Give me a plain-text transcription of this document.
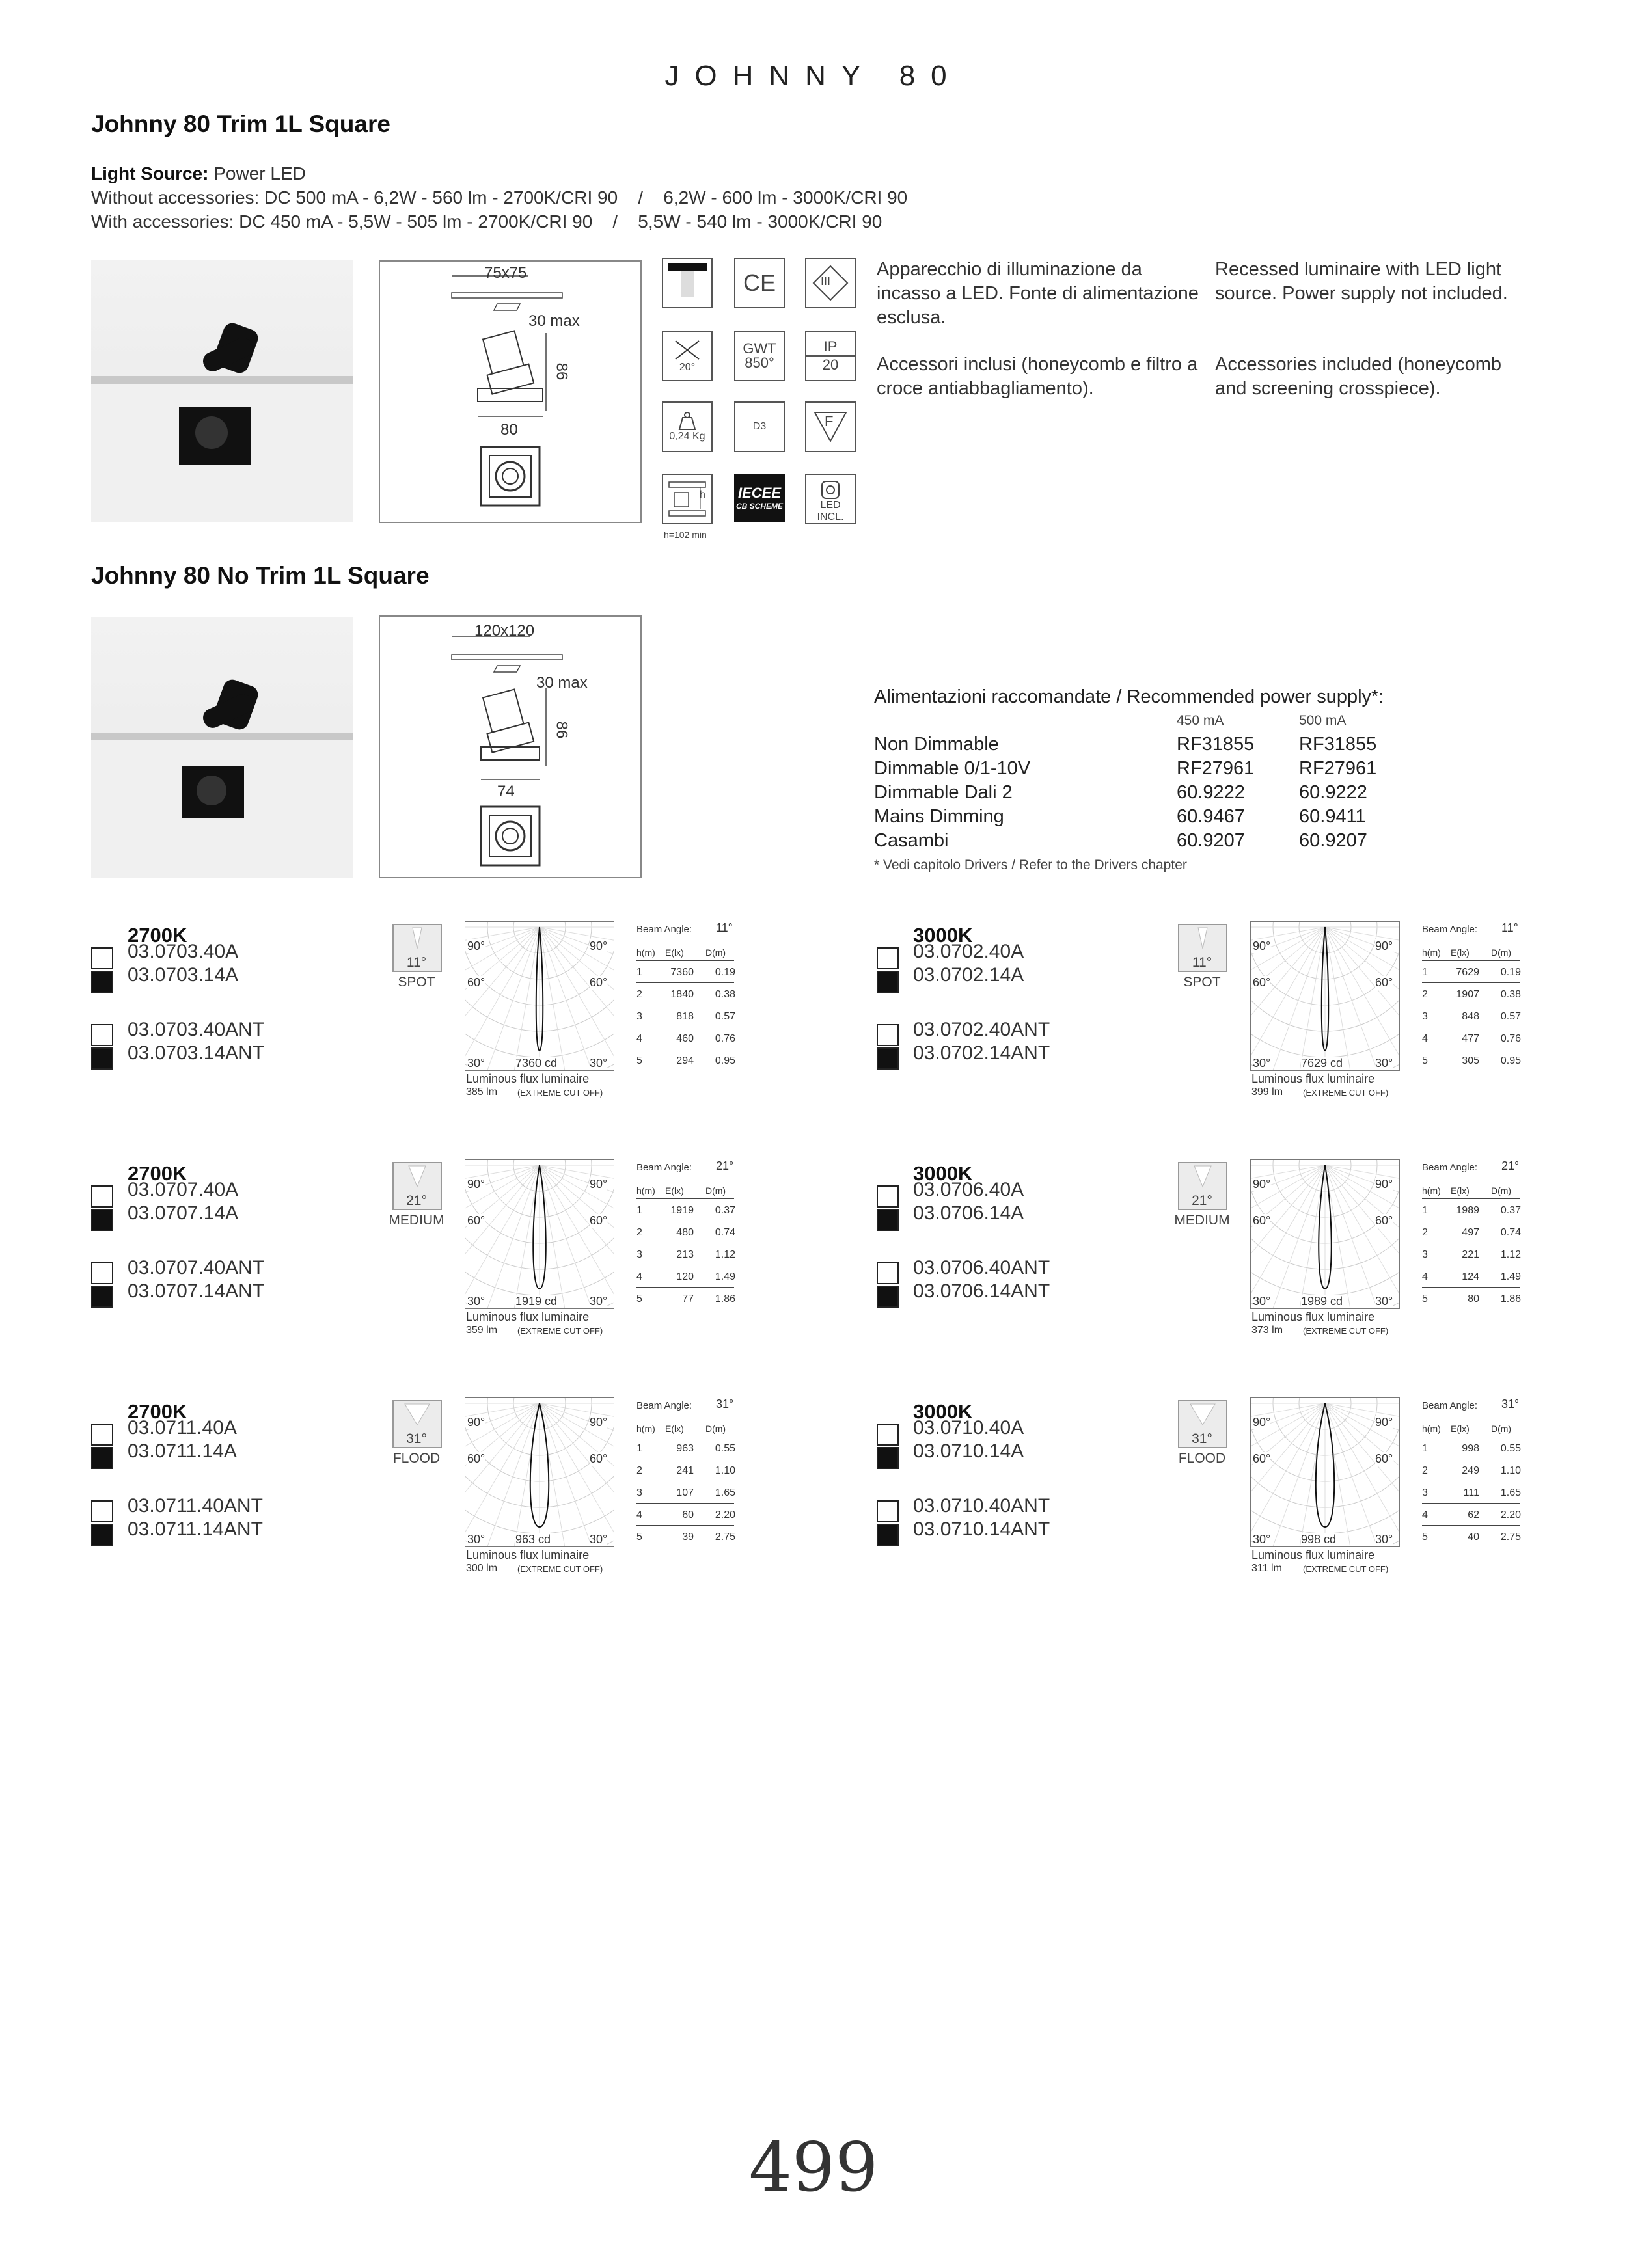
JOHNNY 80
Johnny 80 Trim 1L Square
Light Source: Power LED
Without accessories: DC 500 mA - 6,2W - 560 lm - 2700K/CRI 90    /    6,2W - 600 lm - 3000K/CRI 90
With accessories: DC 450 mA - 5,5W - 505 lm - 2700K/CRI 90    /    5,5W - 540 lm - 3000K/CRI 90
75x75
30 max
86
80
CE	III
20°
GWT
850°
IP
20
0,24 Kg
D3	F
h IECEE
CB SCHEME	LED INCL.
h=102 min
Apparecchio di illuminazione da incasso a LED. Fonte di alimentazione esclusa.
Recessed luminaire with LED light source. Power supply not included.
Accessori inclusi (honeycomb e filtro a croce antiabbagliamento).
Accessories included (honeycomb and screening crosspiece).
Johnny 80 No Trim 1L Square
120x120
30 max
86
74
Alimentazioni raccomandate / Recommended power supply*:
450 mA	500 mA
Non Dimmable	RF31855 RF31855
Dimmable 0/1-10V	RF27961 RF27961
Dimmable Dali 2	60.9222	60.9222
Mains Dimming	60.9467	60.9411
Casambi	60.9207	60.9207
* Vedi capitolo Drivers / Refer to the Drivers chapter
2700K
03.0703.40A
03.0703.14A
03.0703.40ANT
03.0703.14ANT
11°
SPOT
90°	90°
60°	60°
30°	30°
7360 cd
Luminous flux luminaire
385 lm (EXTREME CUT OFF)
Beam Angle: 11°
h(m) E(lx) D(m)
1	7360	0.19
2	1840	0.38
3	818	0.57
4	460	0.76
5	294	0.95
3000K
03.0702.40A
03.0702.14A
03.0702.40ANT
03.0702.14ANT
11°
SPOT
90°	90°
60°	60°
30°	30°
7629 cd
Luminous flux luminaire
399 lm (EXTREME CUT OFF)
Beam Angle: 11°
h(m) E(lx) D(m)
1	7629	0.19
2	1907	0.38
3	848	0.57
4	477	0.76
5	305	0.95
2700K
03.0707.40A
03.0707.14A
03.0707.40ANT
03.0707.14ANT
21°
MEDIUM
90°	90°
60°	60°
30°	30°
1919 cd
Luminous flux luminaire
359 lm (EXTREME CUT OFF)
Beam Angle: 21°
h(m) E(lx) D(m)
1	1919	0.37
2	480	0.74
3	213	1.12
4	120	1.49
5	77	1.86
3000K
03.0706.40A
03.0706.14A
03.0706.40ANT
03.0706.14ANT
21°
MEDIUM
90°	90°
60°	60°
30°	30°
1989 cd
Luminous flux luminaire
373 lm (EXTREME CUT OFF)
Beam Angle: 21°
h(m) E(lx) D(m)
1	1989	0.37
2	497	0.74
3	221	1.12
4	124	1.49
5	80	1.86
2700K
03.0711.40A
03.0711.14A
03.0711.40ANT
03.0711.14ANT
31°
FLOOD
90°	90°
60°	60°
30°	30°
963 cd
Luminous flux luminaire
300 lm (EXTREME CUT OFF)
Beam Angle: 31°
h(m) E(lx) D(m)
1	963	0.55
2	241	1.10
3	107	1.65
4	60	2.20
5	39	2.75
3000K
03.0710.40A
03.0710.14A
03.0710.40ANT
03.0710.14ANT
31°
FLOOD
90°	90°
60°	60°
30°	30°
998 cd
Luminous flux luminaire
311 lm (EXTREME CUT OFF)
Beam Angle: 31°
h(m) E(lx) D(m)
1	998	0.55
2	249	1.10
3	111	1.65
4	62	2.20
5	40	2.75
499
